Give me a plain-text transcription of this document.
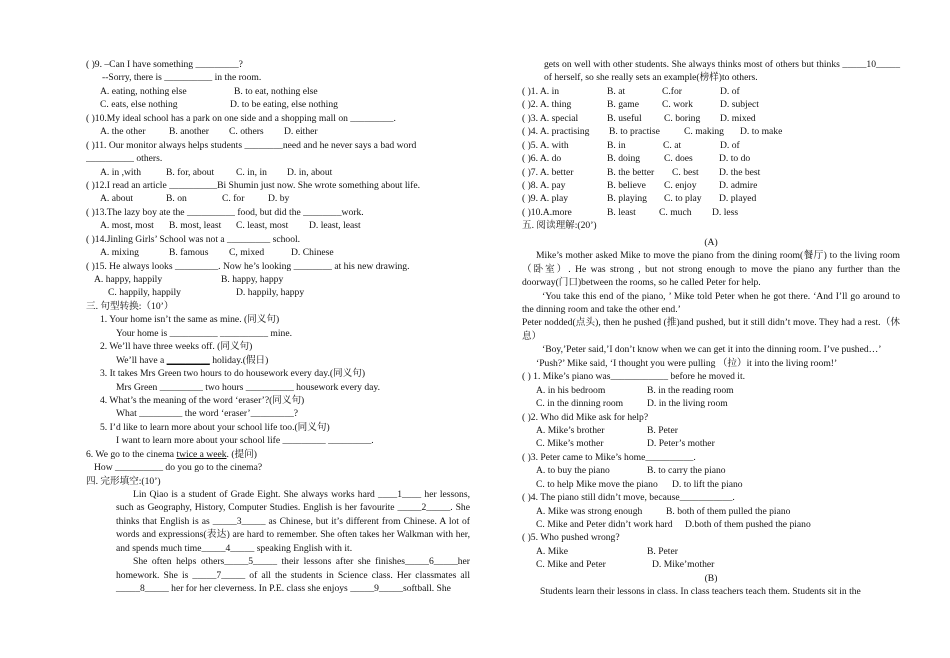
( )9. –Can I have something _________?
--Sorry, there is __________ in the room.
A. eating, nothing else	B. to eat, nothing else
C. eats, else nothing	D. to be eating, else nothing
( )10.My ideal school has a park on one side and a shopping mall on _________.
A. the other	B. another	C. others	D. either
( )11. Our monitor always helps students ________need and he never says a bad word
__________ others.
A. in ,with	B. for, about	C. in, in	D. in, about
( )12.I read an article __________Bi Shumin just now. She wrote something about life.
A. about	B. on	C. for	D. by
( )13.The lazy boy ate the __________ food, but did the ________work.
A. most, most	B. most, least	C. least, most	D. least, least
( )14.Jinling Girls’ School was not a _________ school.
A. mixing	B. famous	C, mixed	D. Chinese
( )15. He always looks _________. Now he’s looking ________ at his new drawing.
A. happy, happily	B. happy, happy
C. happily, happily	D. happily, happy
三. 句型转换:（10’）
1. Your home isn’t the same as mine. (同义句)
Your home is __________ __________ mine.
2. We’ll have three weeks off. (同义句)
We’ll have a _________ holiday.(假日)
3. It takes Mrs Green two hours to do housework every day.(同义句)
Mrs Green _________ two hours __________ housework every day.
4. What’s the meaning of the word ‘eraser’?(同义句)
What _________ the word ‘eraser’_________?
5. I’d like to learn more about your school life too.(同义句)
I want to learn more about your school life _________ _________.
6. We go to the cinema twice a week. (提问)
How __________ do you go to the cinema?
四. 完形填空:(10’)

Lin Qiao is a student of Grade Eight. She always works hard ____1____ her lessons, such as Geography, History, Computer Studies. English is her favourite _____2_____. She thinks that English is as _____3_____ as Chinese, but it’s different from Chinese. A lot of words and expressions(表达) are hard to remember. She often takes her Walkman with her, and spends much time_____4_____ speaking English with it.

She often helps others_____5_____ their lessons after she finishes_____6_____her homework. She is _____7_____ of all the students in Science class. Her classmates all _____8_____ her for her cleverness. In P.E. class she enjoys _____9_____softball. She

gets on well with other students. She always thinks most of others but thinks _____10_____ of herself, so she really sets an example(榜样)to others.

( )1. A. in	B. at	C.for	D. of
( )2. A. thing	B. game	C. work	D. subject
( )3. A. special	B. useful	C. boring	D. mixed
( )4. A. practising	B. to practise	C. making	D. to make
( )5. A. with	B. in	C. at	D. of
( )6. A. do	B. doing	C. does	D. to do
( )7. A. better	B. the better	C. best	D. the best
( )8. A. pay	B. believe	C. enjoy	D. admire
( )9. A. play	B. playing	C. to play	D. played
( )10.A.more	B. least	C. much	D. less
五. 阅读理解:(20’)
(A)

Mike’s mother asked Mike to move the piano from the dining room(餐厅) to the living room（卧室）. He was strong , but not strong enough to move the piano any further than the doorway(门口)between the rooms, so he called Peter for help.

‘You take this end of the piano, ’ Mike told Peter when he got there. ‘And I’ll go around to the dinning room and take the other end.’

Peter nodded(点头), then he pushed (推)and pushed, but it still didn’t move. They had a rest.（休息）

‘Boy,’Peter said,’I don’t know when we can get it into the dinning room. I’ve pushed…’

‘Push?’ Mike said, ‘I thought you were pulling （拉）it into the living room!’

( ) 1. Mike’s piano was____________ before he moved it.
A. in his bedroom	B. in the reading room
C. in the dinning room	D. in the living room
( )2. Who did Mike ask for help?
A. Mike’s brother	B. Peter
C. Mike’s mother	D. Peter’s mother
( )3. Peter came to Mike’s home__________.
A. to buy the piano	B. to carry the piano
C. to help Mike move the piano	D. to lift the piano
( )4. The piano still didn’t move, because___________.
A. Mike was strong enough	B. both of them pulled the piano
C. Mike and Peter didn’t work hard	D.both of them pushed the piano
( )5. Who pushed wrong?
A. Mike	B. Peter
C. Mike and Peter	D. Mike’mother
(B)
Students learn their lessons in class. In class teachers teach them. Students sit in the
